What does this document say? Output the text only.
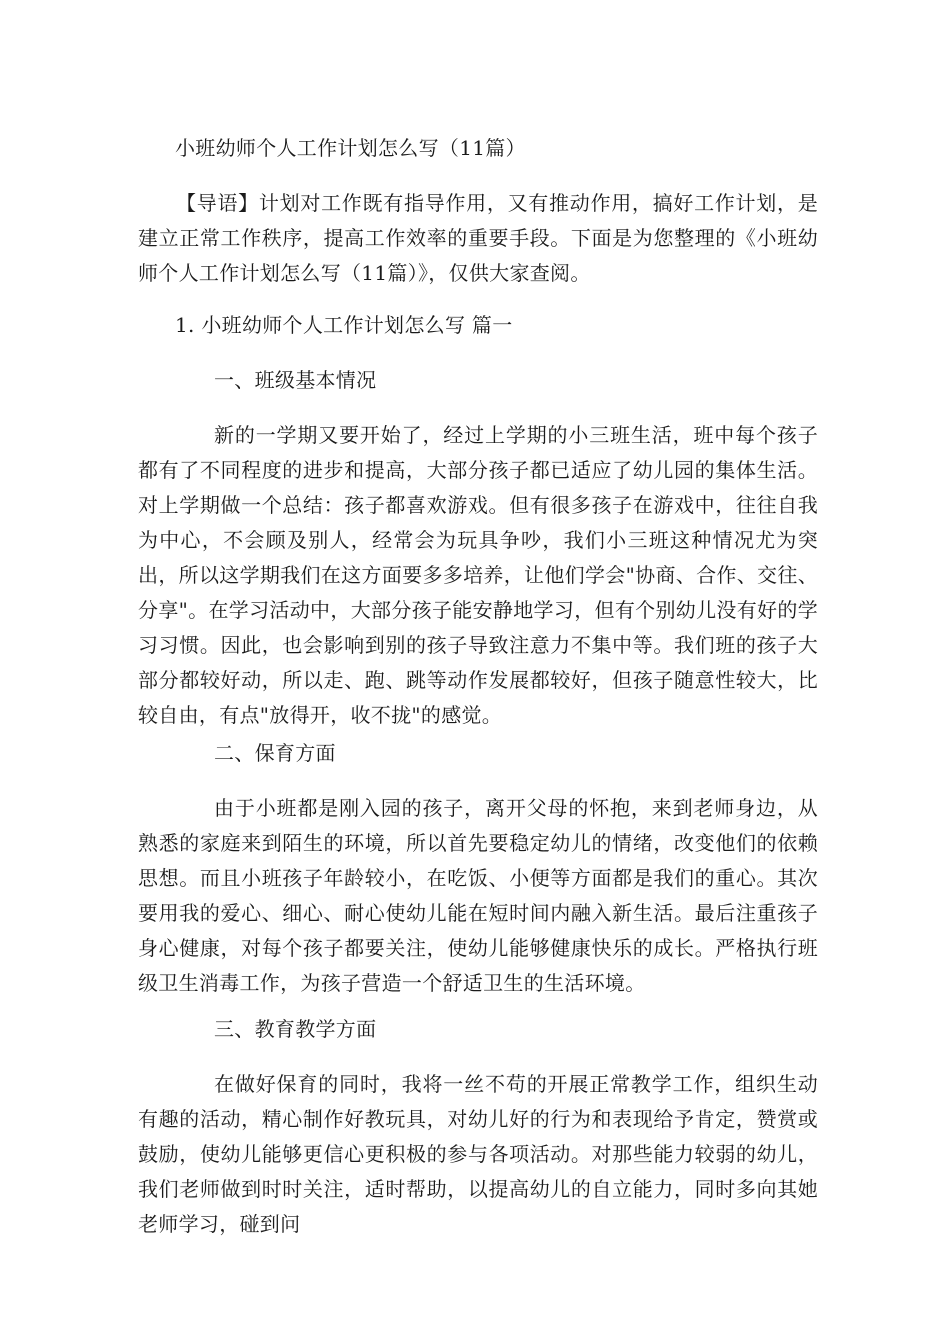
小班幼师个人工作计划怎么写（11篇）
【导语】计划对工作既有指导作用，又有推动作用，搞好工作计划，是建立正常工作秩序，提高工作效率的重要手段。下面是为您整理的《小班幼师个人工作计划怎么写（11篇）》，仅供大家查阅。
1. 小班幼师个人工作计划怎么写 篇一
一、班级基本情况
新的一学期又要开始了，经过上学期的小三班生活，班中每个孩子都有了不同程度的进步和提高，大部分孩子都已适应了幼儿园的集体生活。对上学期做一个总结：孩子都喜欢游戏。但有很多孩子在游戏中，往往自我为中心，不会顾及别人，经常会为玩具争吵，我们小三班这种情况尤为突出，所以这学期我们在这方面要多多培养，让他们学会"协商、合作、交往、分享"。在学习活动中，大部分孩子能安静地学习，但有个别幼儿没有好的学习习惯。因此，也会影响到别的孩子导致注意力不集中等。我们班的孩子大部分都较好动，所以走、跑、跳等动作发展都较好，但孩子随意性较大，比较自由，有点"放得开，收不拢"的感觉。
二、保育方面
由于小班都是刚入园的孩子，离开父母的怀抱，来到老师身边，从熟悉的家庭来到陌生的环境，所以首先要稳定幼儿的情绪，改变他们的依赖思想。而且小班孩子年龄较小，在吃饭、小便等方面都是我们的重心。其次要用我的爱心、细心、耐心使幼儿能在短时间内融入新生活。最后注重孩子身心健康，对每个孩子都要关注，使幼儿能够健康快乐的成长。严格执行班级卫生消毒工作，为孩子营造一个舒适卫生的生活环境。
三、教育教学方面
在做好保育的同时，我将一丝不苟的开展正常教学工作，组织生动有趣的活动，精心制作好教玩具，对幼儿好的行为和表现给予肯定，赞赏或鼓励，使幼儿能够更信心更积极的参与各项活动。对那些能力较弱的幼儿，我们老师做到时时关注，适时帮助，以提高幼儿的自立能力，同时多向其她老师学习，碰到问
